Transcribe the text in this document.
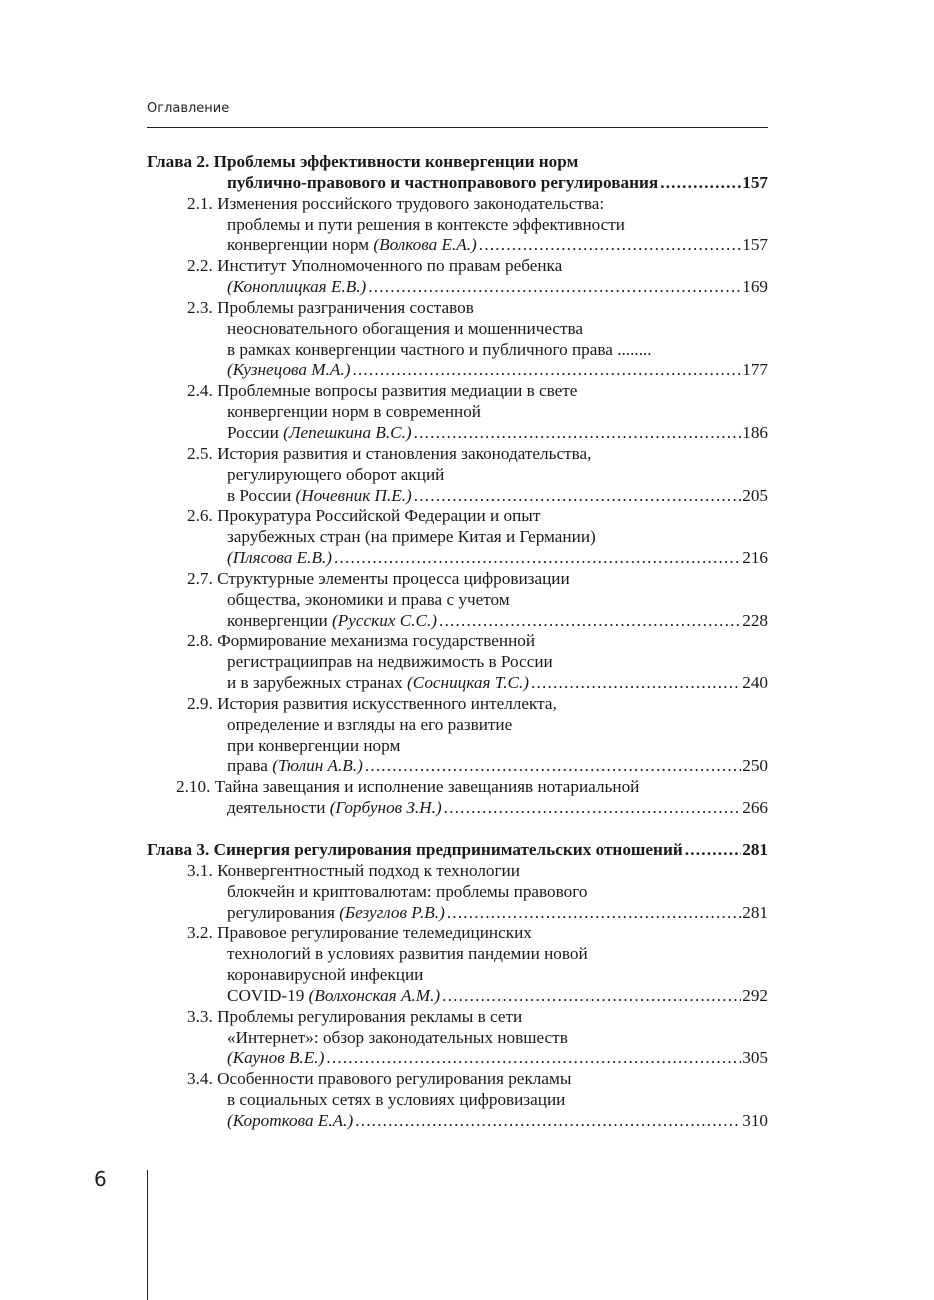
Оглавление
Глава 2. Проблемы эффективности конвергенции норм
публично-правового и частноправового регулирования . . .	157
2.1. Изменения российского трудового законодательства:
проблемы и пути решения в контексте эффективности
конвергенции норм (Волкова Е.А.) . . .	157
2.2. Институт Уполномоченного по правам ребенка
(Коноплицкая Е.В.) . . .	169
2.3. Проблемы разграничения составов
неосновательного обогащения и мошенничества
в рамках конвергенции частного и публичного права ........
(Кузнецова М.А.) . . .	177
2.4. Проблемные вопросы развития медиации в свете
конвергенции норм в современной
России (Лепешкина В.С.) . . .	186
2.5. История развития и становления законодательства,
регулирующего оборот акций
в России (Ночевник П.Е.) . . .	205
2.6. Прокуратура Российской Федерации и опыт
зарубежных стран (на примере Китая и Германии)
(Плясова Е.В.) . . .	216
2.7. Структурные элементы процесса цифровизации
общества, экономики и права с учетом
конвергенции (Русских С.С.) . . .	228
2.8. Формирование механизма государственной
регистрацииправ на недвижимость в России
и в зарубежных странах (Сосницкая Т.С.) . . .	240
2.9. История развития искусственного интеллекта,
определение и взгляды на его развитие
при конвергенции норм
права (Тюлин А.В.) . . .	250
2.10. Тайна завещания и исполнение завещанияв нотариальной
деятельности (Горбунов З.Н.) . . .	266
Глава 3. Синергия регулирования предпринимательских отношений . . .	281
3.1. Конвергентностный подход к технологии
блокчейн и криптовалютам: проблемы правового
регулирования (Безуглов Р.В.) . . .	281
3.2. Правовое регулирование телемедицинских
технологий в условиях развития пандемии новой
коронавирусной инфекции
COVID-19 (Волхонская А.М.) . . .	292
3.3. Проблемы регулирования рекламы в сети
«Интернет»: обзор законодательных новшеств
(Каунов В.Е.) . . .	305
3.4. Особенности правового регулирования рекламы
в социальных сетях в условиях цифровизации
(Короткова Е.А.) . . .	310
6
